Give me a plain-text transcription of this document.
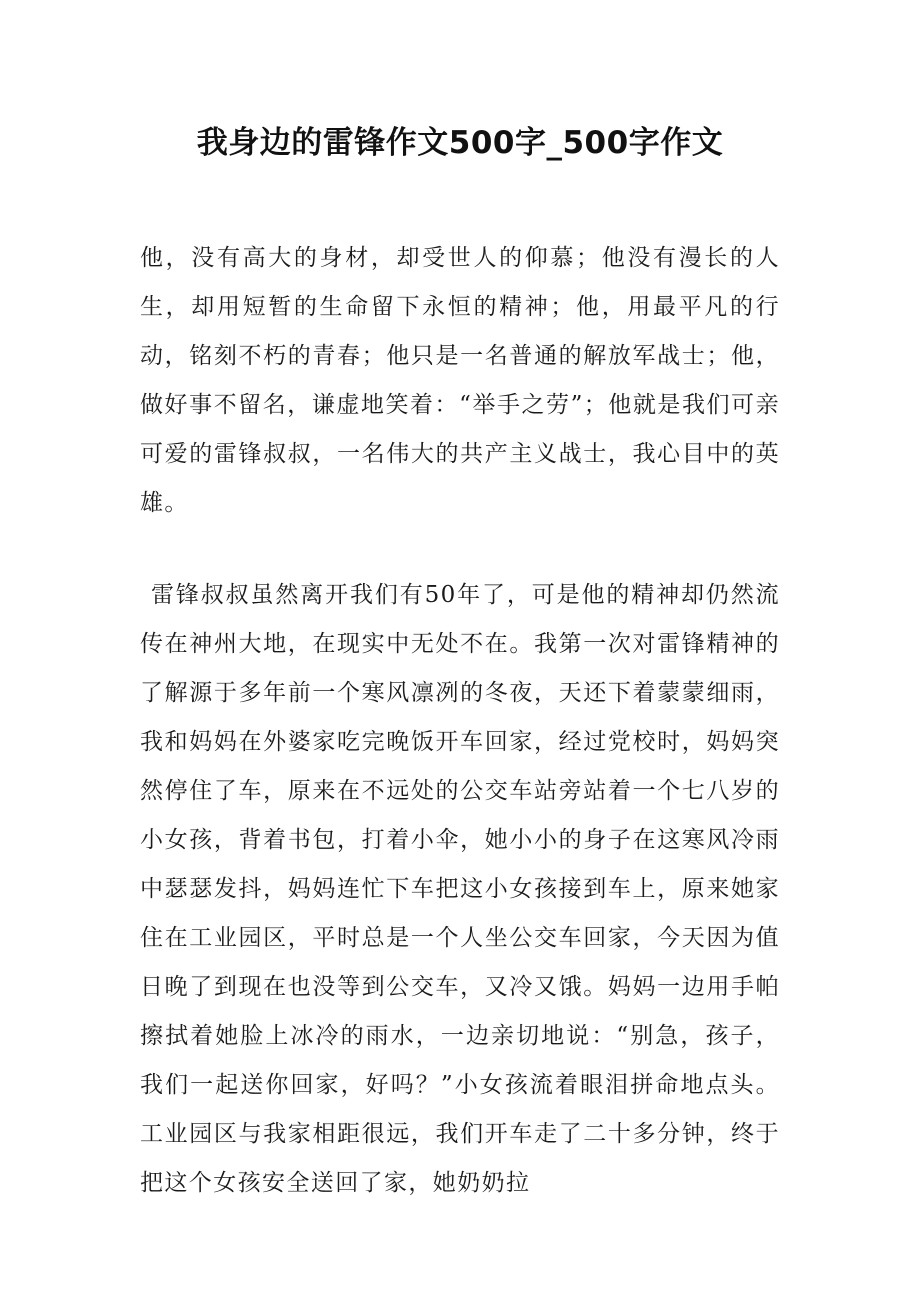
我身边的雷锋作文500字_500字作文

他，没有高大的身材，却受世人的仰慕；他没有漫长的人生，却用短暂的生命留下永恒的精神；他，用最平凡的行动，铭刻不朽的青春；他只是一名普通的解放军战士；他，做好事不留名，谦虚地笑着：“举手之劳”；他就是我们可亲可爱的雷锋叔叔，一名伟大的共产主义战士，我心目中的英雄。

雷锋叔叔虽然离开我们有50年了，可是他的精神却仍然流传在神州大地，在现实中无处不在。我第一次对雷锋精神的了解源于多年前一个寒风凛冽的冬夜，天还下着蒙蒙细雨，我和妈妈在外婆家吃完晚饭开车回家，经过党校时，妈妈突然停住了车，原来在不远处的公交车站旁站着一个七八岁的小女孩，背着书包，打着小伞，她小小的身子在这寒风冷雨中瑟瑟发抖，妈妈连忙下车把这小女孩接到车上，原来她家住在工业园区，平时总是一个人坐公交车回家，今天因为值日晚了到现在也没等到公交车，又冷又饿。妈妈一边用手帕擦拭着她脸上冰冷的雨水，一边亲切地说：“别急，孩子，我们一起送你回家，好吗？”小女孩流着眼泪拼命地点头。工业园区与我家相距很远，我们开车走了二十多分钟，终于把这个女孩安全送回了家，她奶奶拉
